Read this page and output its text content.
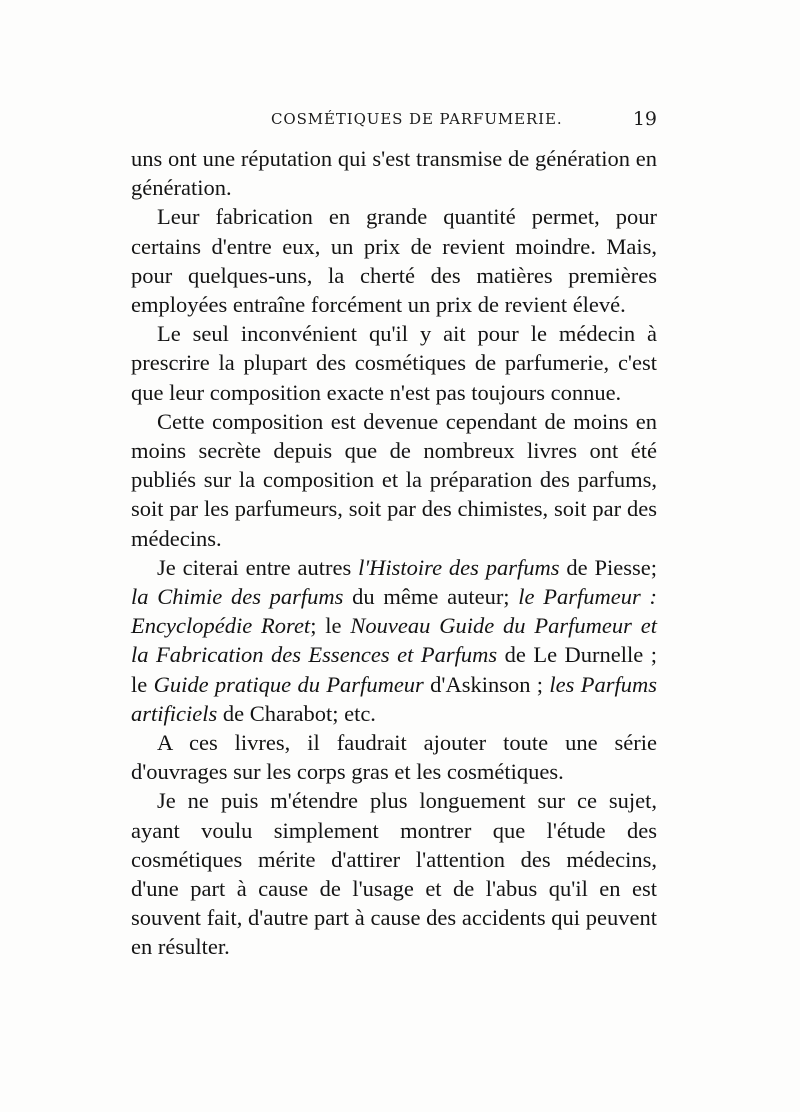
COSMÉTIQUES DE PARFUMERIE.	19

uns ont une réputation qui s'est transmise de génération en génération.

Leur fabrication en grande quantité permet, pour certains d'entre eux, un prix de revient moindre. Mais, pour quelques-uns, la cherté des matières premières employées entraîne forcément un prix de revient élevé.

Le seul inconvénient qu'il y ait pour le médecin à prescrire la plupart des cosmétiques de parfumerie, c'est que leur composition exacte n'est pas toujours connue.

Cette composition est devenue cependant de moins en moins secrète depuis que de nombreux livres ont été publiés sur la composition et la préparation des parfums, soit par les parfumeurs, soit par des chimistes, soit par des médecins.

Je citerai entre autres l'Histoire des parfums de Piesse; la Chimie des parfums du même auteur; le Parfumeur : Encyclopédie Roret; le Nouveau Guide du Parfumeur et la Fabrication des Essences et Parfums de Le Durnelle ; le Guide pratique du Parfumeur d'Askinson ; les Parfums artificiels de Charabot; etc.

A ces livres, il faudrait ajouter toute une série d'ouvrages sur les corps gras et les cosmétiques.

Je ne puis m'étendre plus longuement sur ce sujet, ayant voulu simplement montrer que l'étude des cosmétiques mérite d'attirer l'attention des médecins, d'une part à cause de l'usage et de l'abus qu'il en est souvent fait, d'autre part à cause des accidents qui peuvent en résulter.
